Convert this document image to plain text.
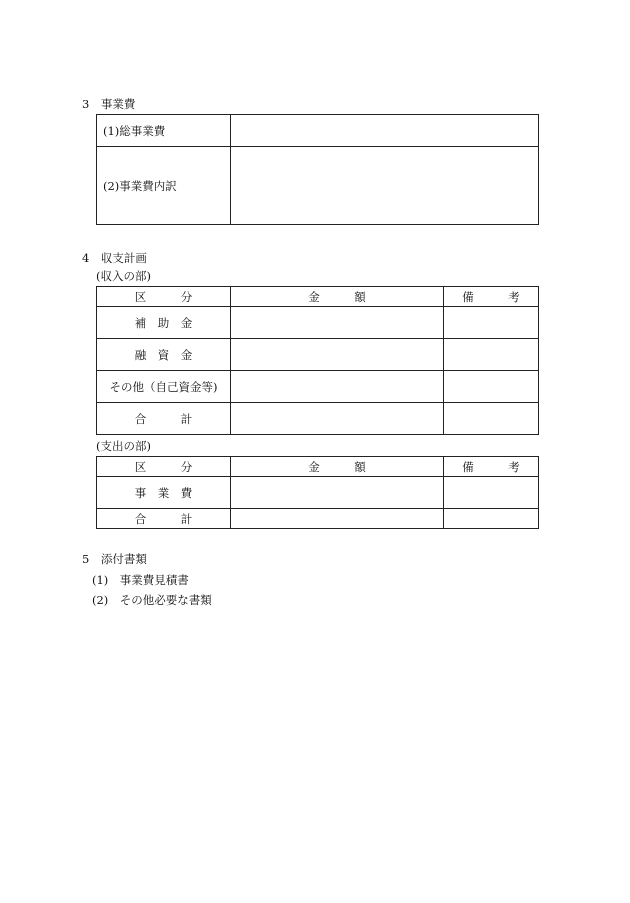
3　事業費
(1)総事業費	
(2)事業費内訳	
4　収支計画
(収入の部)
区　　　分	金　　　額	備　　　考
補　助　金		
融　資　金		
その他（自己資金等)		
合　　　計		
(支出の部)
区　　　分	金　　　額	備　　　考
事　業　費		
合　　　計		
5　添付書類
(1)　事業費見積書
(2)　その他必要な書類
